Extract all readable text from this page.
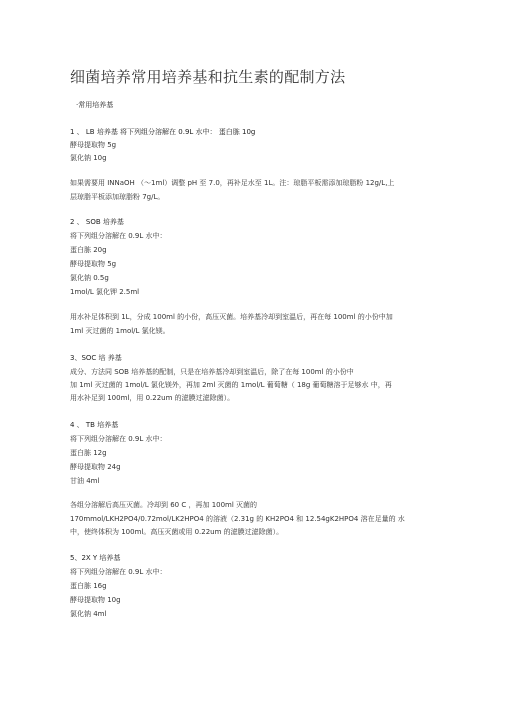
细菌培养常用培养基和抗生素的配制方法
·常用培养基
1 、 LB 培养基 将下列组分溶解在 0.9L 水中： 蛋白胨 10g
酵母提取物 5g
氯化钠 10g
如果需要用 INNaOH （～1ml）调整 pH 至 7.0，再补足水至 1L。注：琼脂平板需添加琼脂粉 12g/L,上
层琼脂平板添加琼脂粉 7g/L。
2 、 SOB 培养基
将下列组分溶解在 0.9L 水中：
蛋白胨 20g
酵母提取物 5g
氯化钠 0.5g
1mol/L 氯化钾 2.5ml
用水补足体积到 1L，分成 100ml 的小份，高压灭菌。培养基冷却到室温后，再在每 100ml 的小份中加
1ml 灭过菌的 1mol/L 氯化镁。
3、SOC 培 养基
成分、方法同 SOB 培养基的配制，只是在培养基冷却到室温后，除了在每 100ml 的小份中
加 1ml 灭过菌的 1mol/L 氯化镁外，再加 2ml 灭菌的 1mol/L 葡萄糖（ 18g 葡萄糖溶于足够水 中，再
用水补足到 100ml，用 0.22um 的滤膜过滤除菌）。
4 、 TB 培养基
将下列组分溶解在 0.9L 水中：
蛋白胨 12g
酵母提取物 24g
甘油 4ml
各组分溶解后高压灭菌。冷却到 60 C ，再加 100ml 灭菌的
170mmol/LKH2PO4/0.72mol/LK2HPO4 的溶液（2.31g 的 KH2PO4 和 12.54gK2HPO4 溶在足量的 水
中，使终体积为 100ml。高压灭菌或用 0.22um 的滤膜过滤除菌）。
5、2X Y 培养基
将下列组分溶解在 0.9L 水中：
蛋白胨 16g
酵母提取物 10g
氯化钠 4ml
